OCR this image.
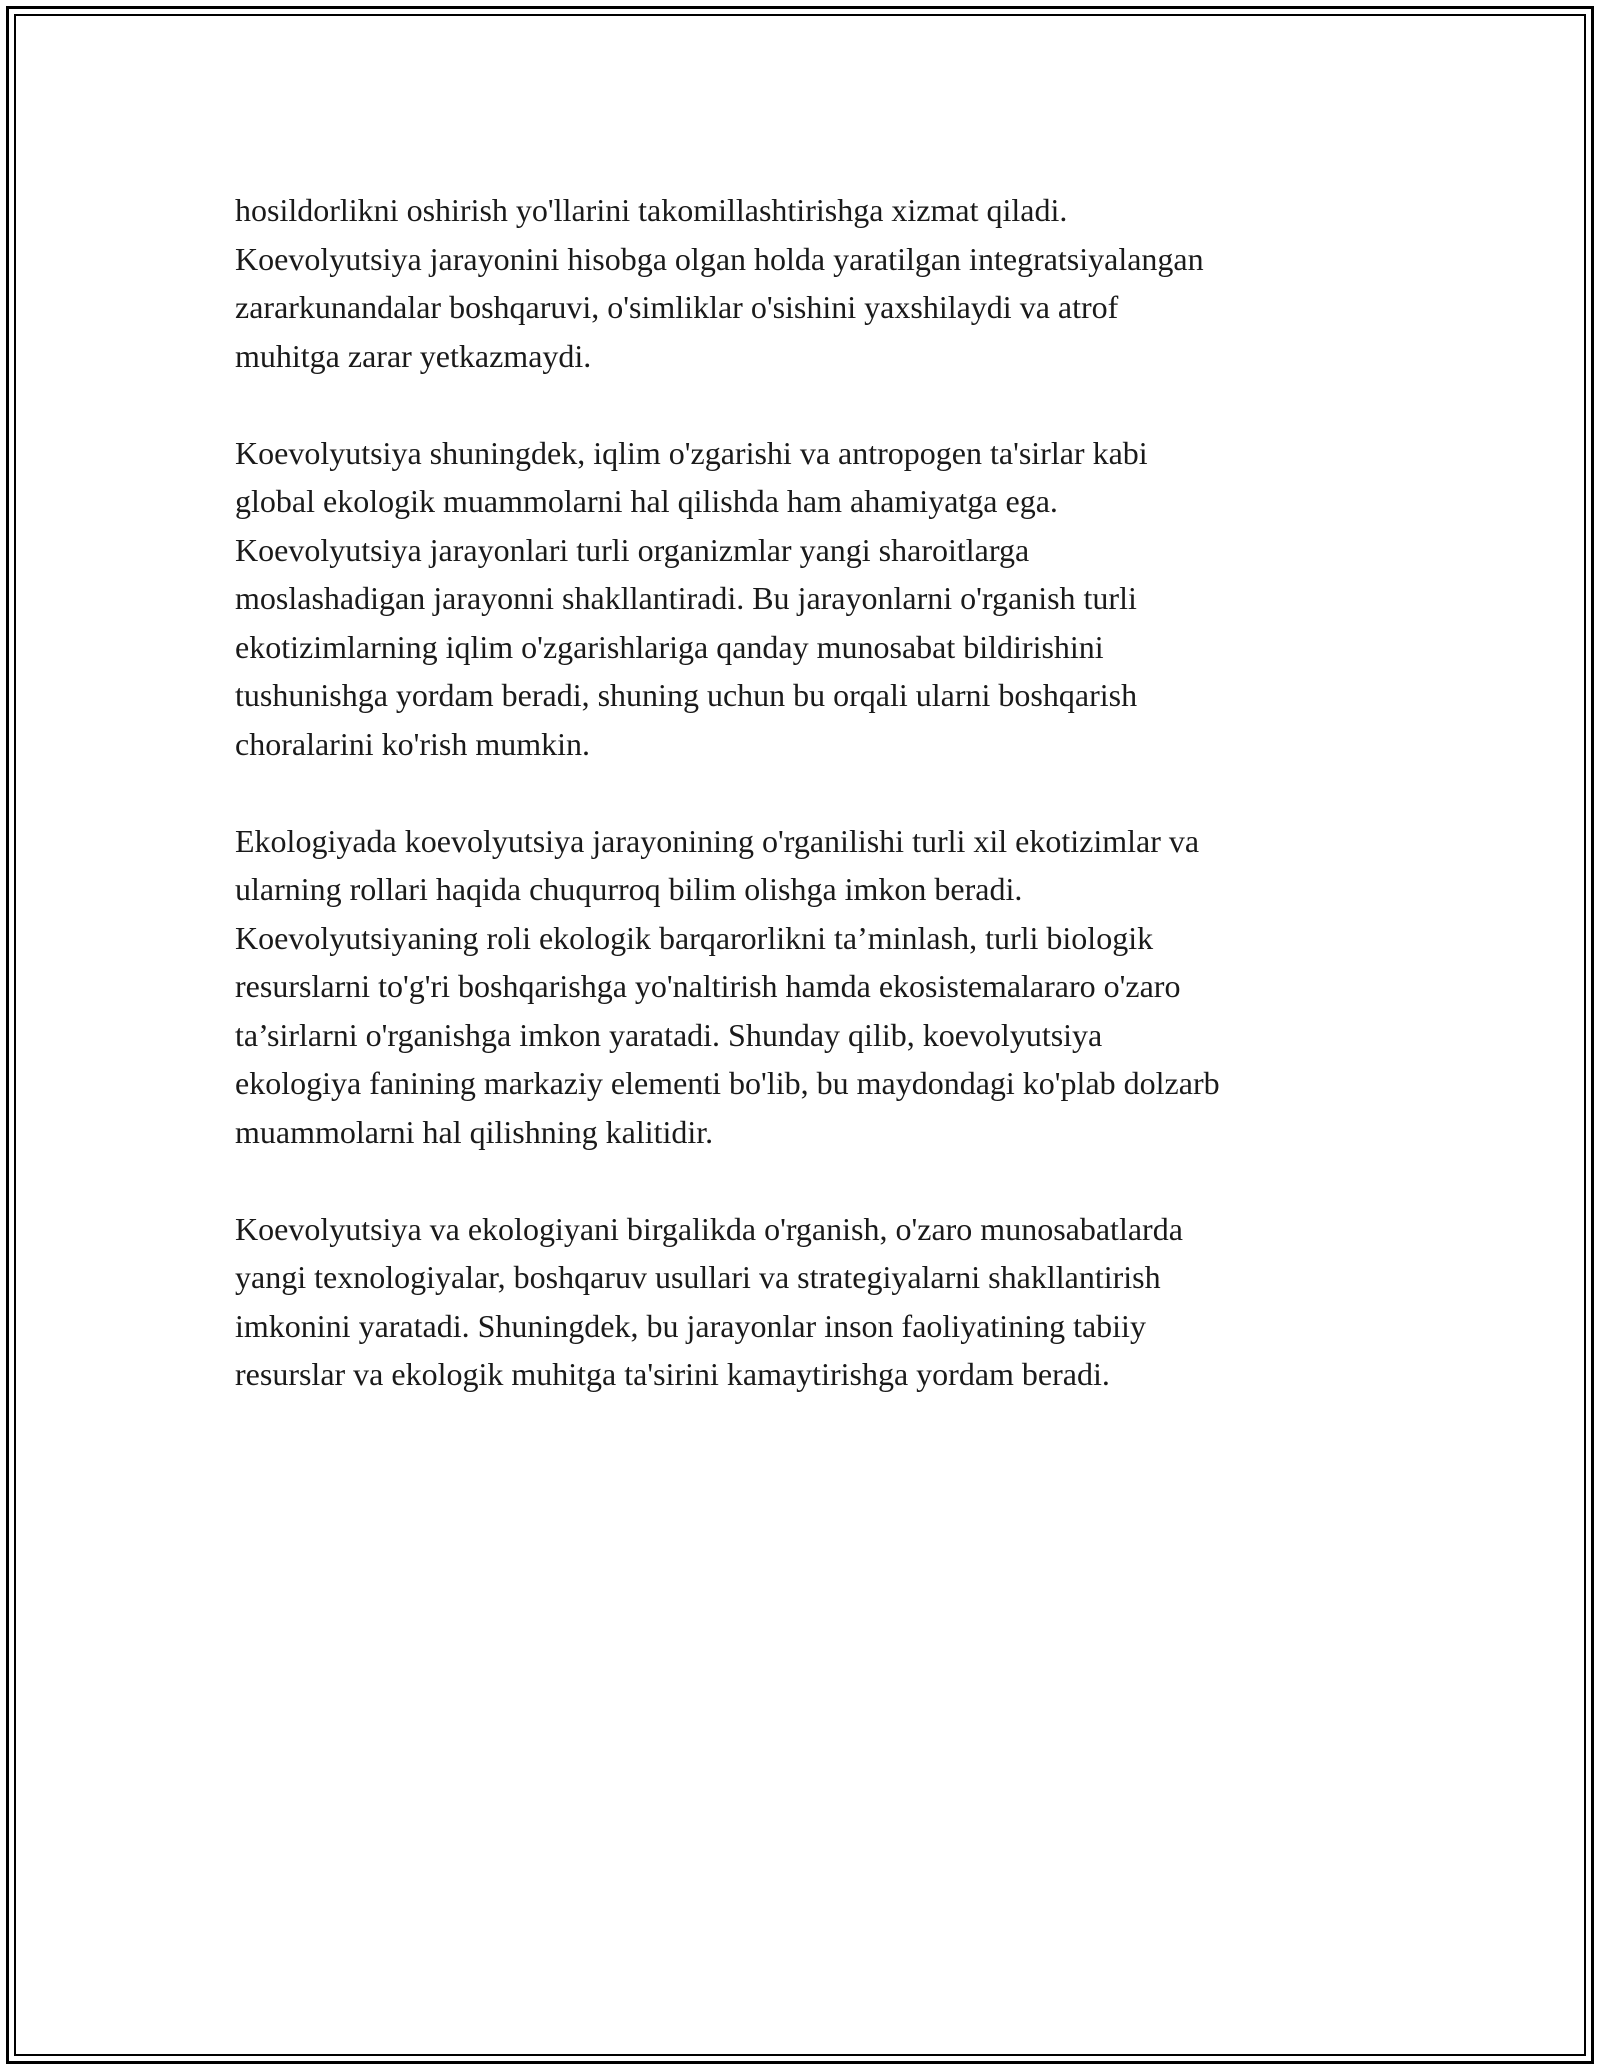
hosildorlikni oshirish yo'llarini takomillashtirishga xizmat qiladi.
Koevolyutsiya jarayonini hisobga olgan holda yaratilgan integratsiyalangan
zararkunandalar boshqaruvi, o'simliklar o'sishini yaxshilaydi va atrof
muhitga zarar yetkazmaydi.

Koevolyutsiya shuningdek, iqlim o'zgarishi va antropogen ta'sirlar kabi
global ekologik muammolarni hal qilishda ham ahamiyatga ega.
Koevolyutsiya jarayonlari turli organizmlar yangi sharoitlarga
moslashadigan jarayonni shakllantiradi. Bu jarayonlarni o'rganish turli
ekotizimlarning iqlim o'zgarishlariga qanday munosabat bildirishini
tushunishga yordam beradi, shuning uchun bu orqali ularni boshqarish
choralarini ko'rish mumkin.

Ekologiyada koevolyutsiya jarayonining o'rganilishi turli xil ekotizimlar va
ularning rollari haqida chuqurroq bilim olishga imkon beradi.
Koevolyutsiyaning roli ekologik barqarorlikni ta’minlash, turli biologik
resurslarni to'g'ri boshqarishga yo'naltirish hamda ekosistemalararo o'zaro
ta’sirlarni o'rganishga imkon yaratadi. Shunday qilib, koevolyutsiya
ekologiya fanining markaziy elementi bo'lib, bu maydondagi ko'plab dolzarb
muammolarni hal qilishning kalitidir.

Koevolyutsiya va ekologiyani birgalikda o'rganish, o'zaro munosabatlarda
yangi texnologiyalar, boshqaruv usullari va strategiyalarni shakllantirish
imkonini yaratadi. Shuningdek, bu jarayonlar inson faoliyatining tabiiy
resurslar va ekologik muhitga ta'sirini kamaytirishga yordam beradi.
